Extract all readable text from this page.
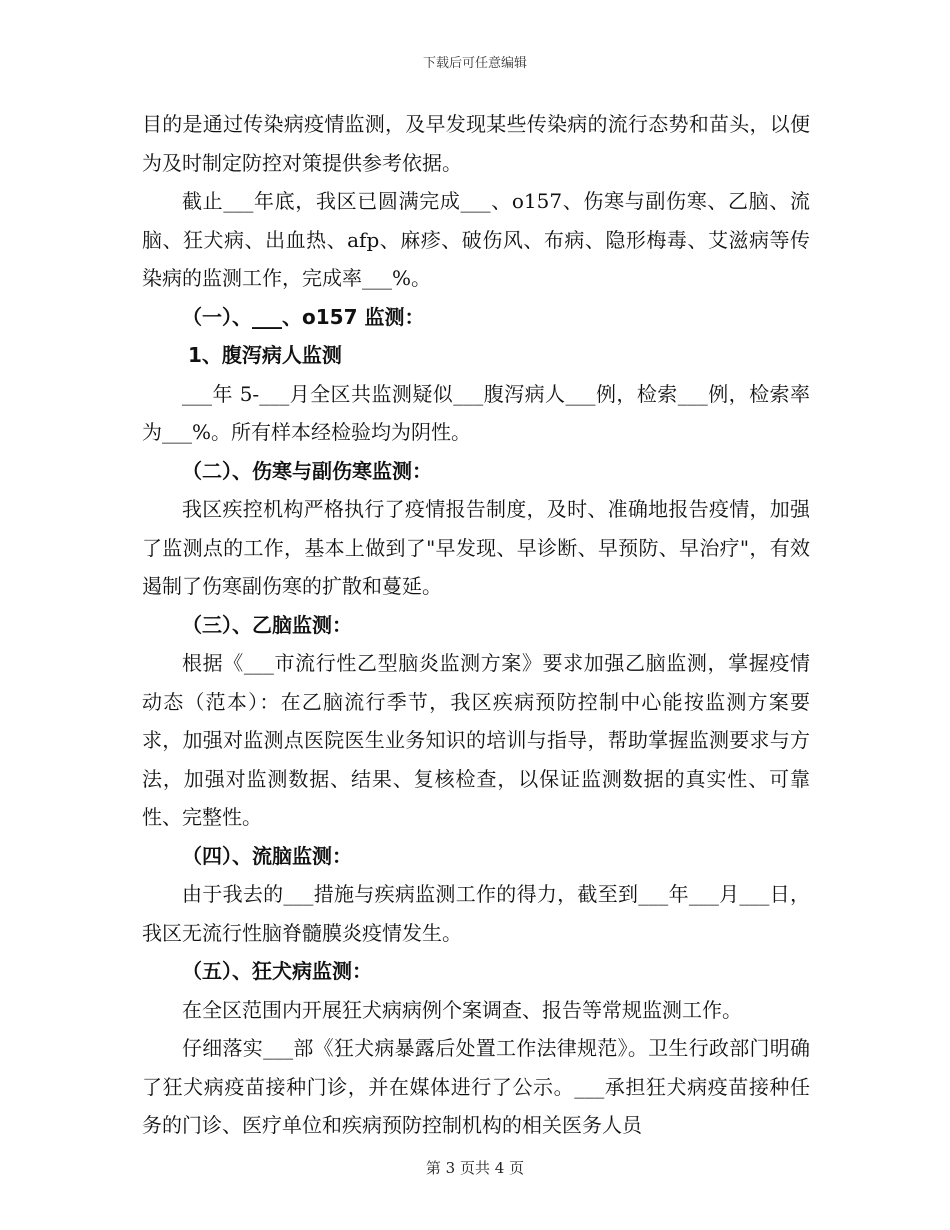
下载后可任意编辑

目的是通过传染病疫情监测，及早发现某些传染病的流行态势和苗头，以便为及时制定防控对策提供参考依据。

截止___年底，我区已圆满完成___、o157、伤寒与副伤寒、乙脑、流脑、狂犬病、出血热、afp、麻疹、破伤风、布病、隐形梅毒、艾滋病等传染病的监测工作，完成率___%。

（一）、___、o157 监测：

1、腹泻病人监测

___年 5-___月全区共监测疑似___腹泻病人___例，检索___例，检索率为___%。所有样本经检验均为阴性。

（二）、伤寒与副伤寒监测：

我区疾控机构严格执行了疫情报告制度，及时、准确地报告疫情，加强了监测点的工作，基本上做到了"早发现、早诊断、早预防、早治疗"，有效遏制了伤寒副伤寒的扩散和蔓延。

（三）、乙脑监测：

根据《___市流行性乙型脑炎监测方案》要求加强乙脑监测，掌握疫情动态（范本）：在乙脑流行季节，我区疾病预防控制中心能按监测方案要求，加强对监测点医院医生业务知识的培训与指导，帮助掌握监测要求与方法，加强对监测数据、结果、复核检查，以保证监测数据的真实性、可靠性、完整性。

（四）、流脑监测：

由于我去的___措施与疾病监测工作的得力，截至到___年___月___日，我区无流行性脑脊髓膜炎疫情发生。

（五）、狂犬病监测：

在全区范围内开展狂犬病病例个案调查、报告等常规监测工作。

仔细落实___部《狂犬病暴露后处置工作法律规范》。卫生行政部门明确了狂犬病疫苗接种门诊，并在媒体进行了公示。___承担狂犬病疫苗接种任务的门诊、医疗单位和疾病预防控制机构的相关医务人员

第 3 页共 4 页
